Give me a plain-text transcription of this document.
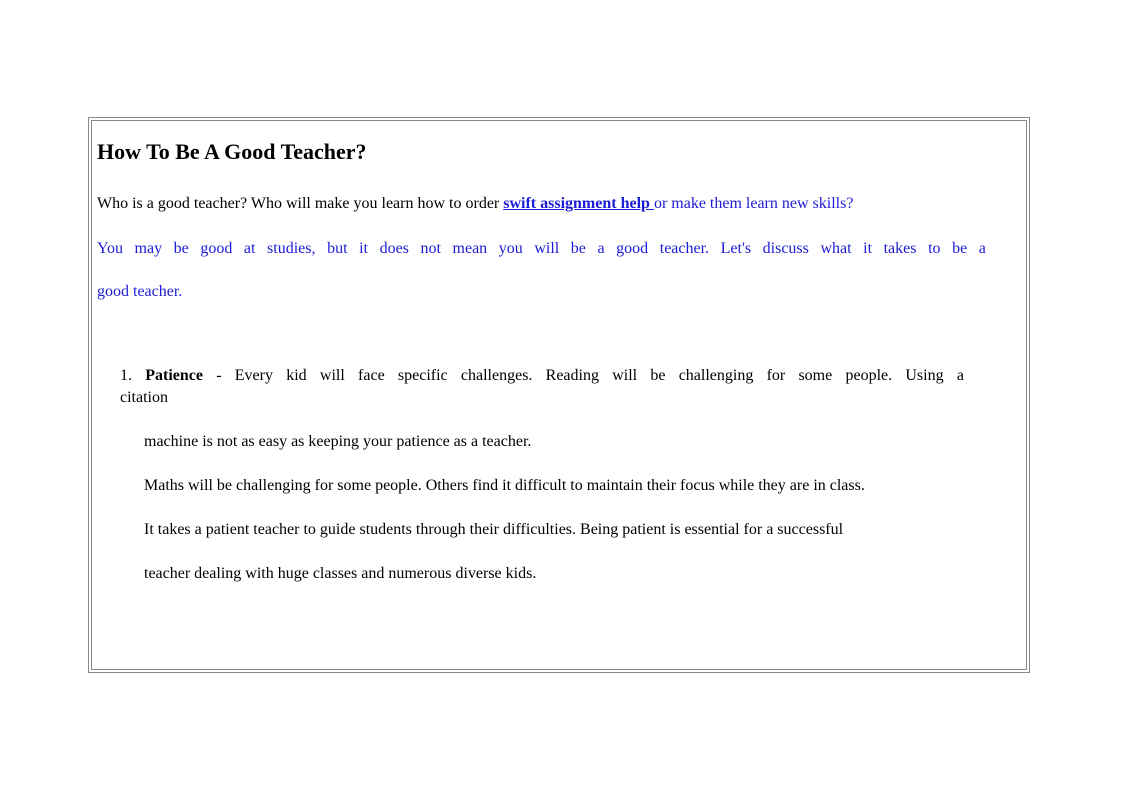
How To Be A Good Teacher?

Who is a good teacher? Who will make you learn how to order swift assignment help or make them learn new skills?

You may be good at studies, but it does not mean you will be a good teacher. Let's discuss what it takes to be a

good teacher.

1. Patience - Every kid will face specific challenges. Reading will be challenging for some people. Using a

citation

machine is not as easy as keeping your patience as a teacher.

Maths will be challenging for some people. Others find it difficult to maintain their focus while they are in class.

It takes a patient teacher to guide students through their difficulties. Being patient is essential for a successful

teacher dealing with huge classes and numerous diverse kids.
